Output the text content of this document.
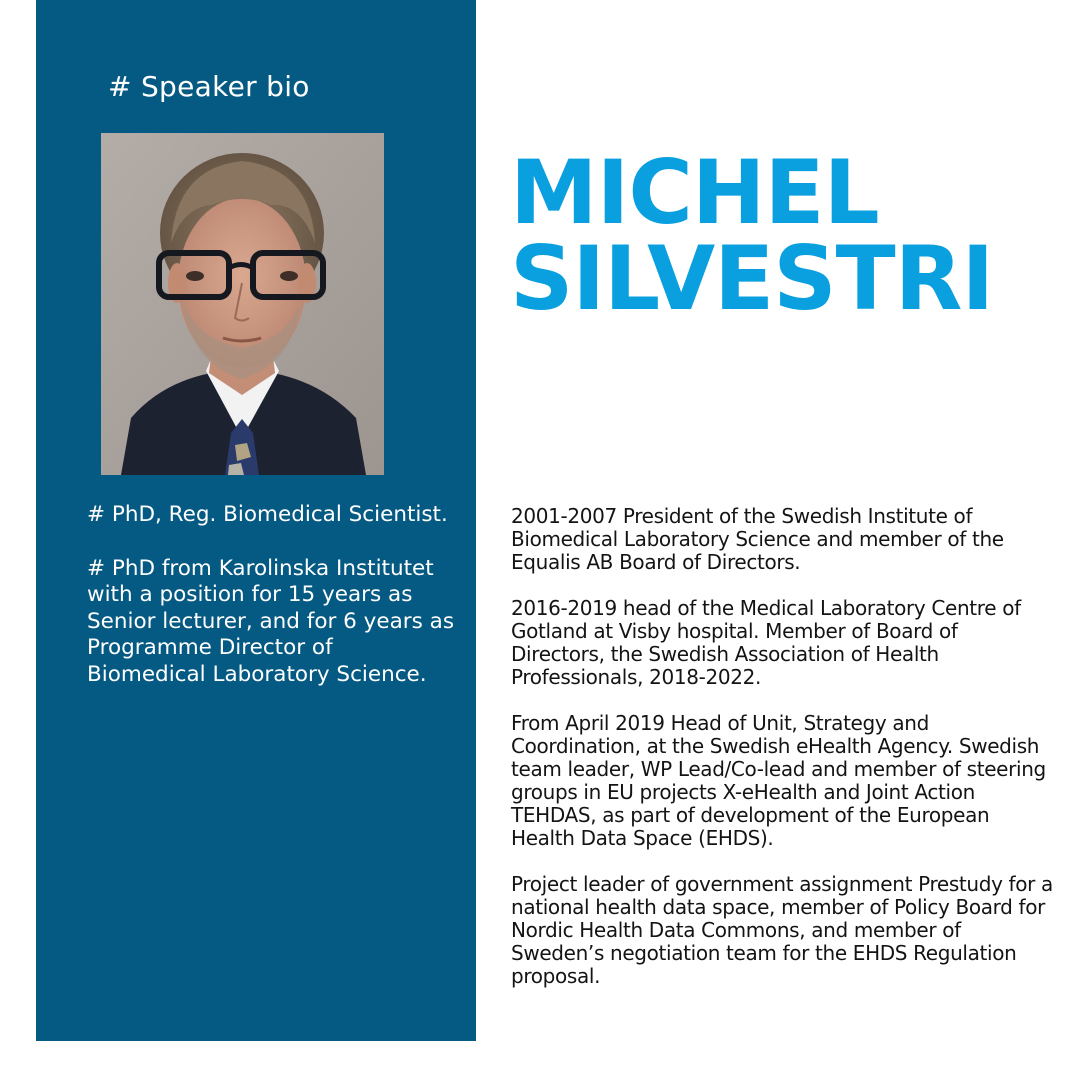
# Speaker bio

# PhD, Reg. Biomedical Scientist.

# PhD from Karolinska Institutet with a position for 15 years as Senior lecturer, and for 6 years as Programme Director of Biomedical Laboratory Science.

MICHEL
SILVESTRI

2001-2007 President of the Swedish Institute of Biomedical Laboratory Science and member of the Equalis AB Board of Directors.

2016-2019 head of the Medical Laboratory Centre of Gotland at Visby hospital. Member of Board of Directors, the Swedish Association of Health Professionals, 2018-2022.

From April 2019 Head of Unit, Strategy and Coordination, at the Swedish eHealth Agency. Swedish team leader, WP Lead/Co-lead and member of steering groups in EU projects X-eHealth and Joint Action TEHDAS, as part of development of the European Health Data Space (EHDS).

Project leader of government assignment Prestudy for a national health data space, member of Policy Board for Nordic Health Data Commons, and member of Sweden’s negotiation team for the EHDS Regulation proposal.
